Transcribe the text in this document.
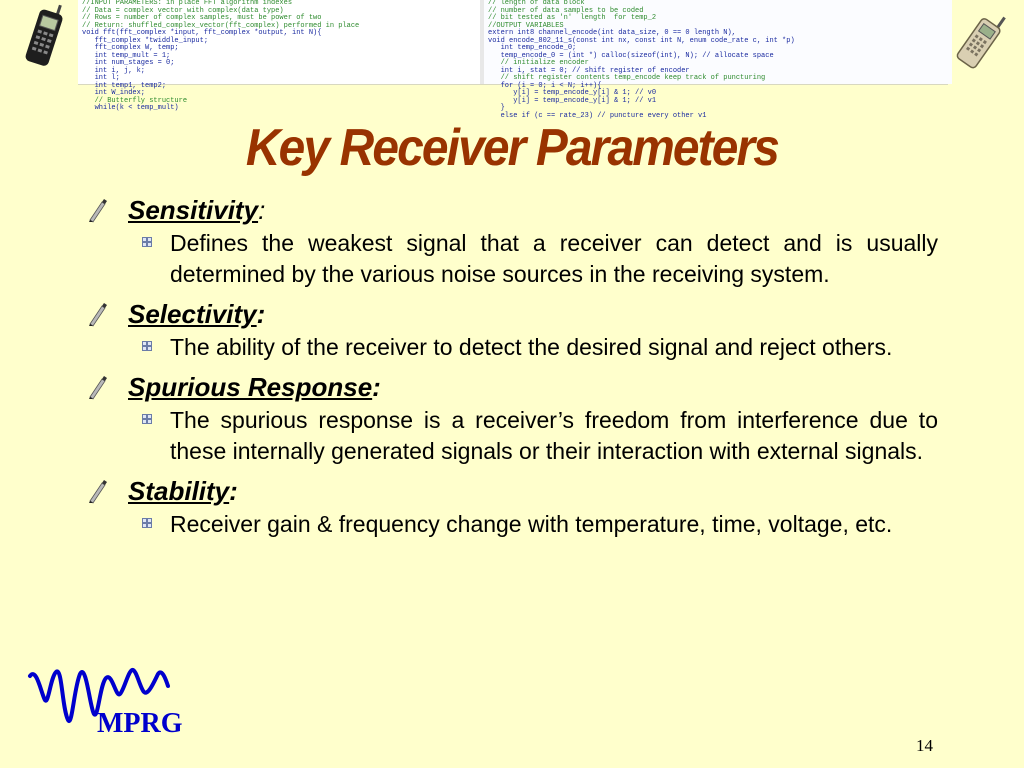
//INPUT PARAMETERS: in place FFT algorithm indexes
// Data = complex vector with complex(data type)
// Rows = number of complex samples, must be power of two
// Return: shuffled_complex_vector(fft_complex) performed in place
void fft(fft_complex *input, fft_complex *output, int N){
fft_complex *twiddle_input;
fft_complex W, temp;
int temp_mult = 1;
int num_stages = 0;
int i, j, k;
int l;
int temp1, temp2;
int W_index;
// Butterfly structure
while(k < temp_mult)
// length of data block
// number of data samples to be coded
// bit tested as 'n'  length  for temp_2
//OUTPUT VARIABLES
extern int8 channel_encode(int data_size, 0 == 0 length N),
void encode_802_11_s(const int nx, const int N, enum code_rate c, int *p)
int temp_encode_0;
temp_encode_0 = (int *) calloc(sizeof(int), N); // allocate space
// initialize encoder
int i, stat = 0; // shift register of encoder
// shift register contents temp_encode keep track of puncturing
for (i = 0; i < N; i++){
y[i] = temp_encode_y[i] & 1; // v0
y[i] = temp_encode_y[i] & 1; // v1
}
else if (c == rate_23) // puncture every other v1
Key Receiver Parameters
Sensitivity:
Defines the weakest signal that a receiver can detect and is usually determined by the various noise sources in the receiving system.
Selectivity:
The ability of the receiver to detect the desired signal and reject others.
Spurious Response:
The spurious response is a receiver’s freedom from interference due to these internally generated signals or their interaction with external signals.
Stability:
Receiver gain & frequency change with temperature, time, voltage, etc.
MPRG
14
